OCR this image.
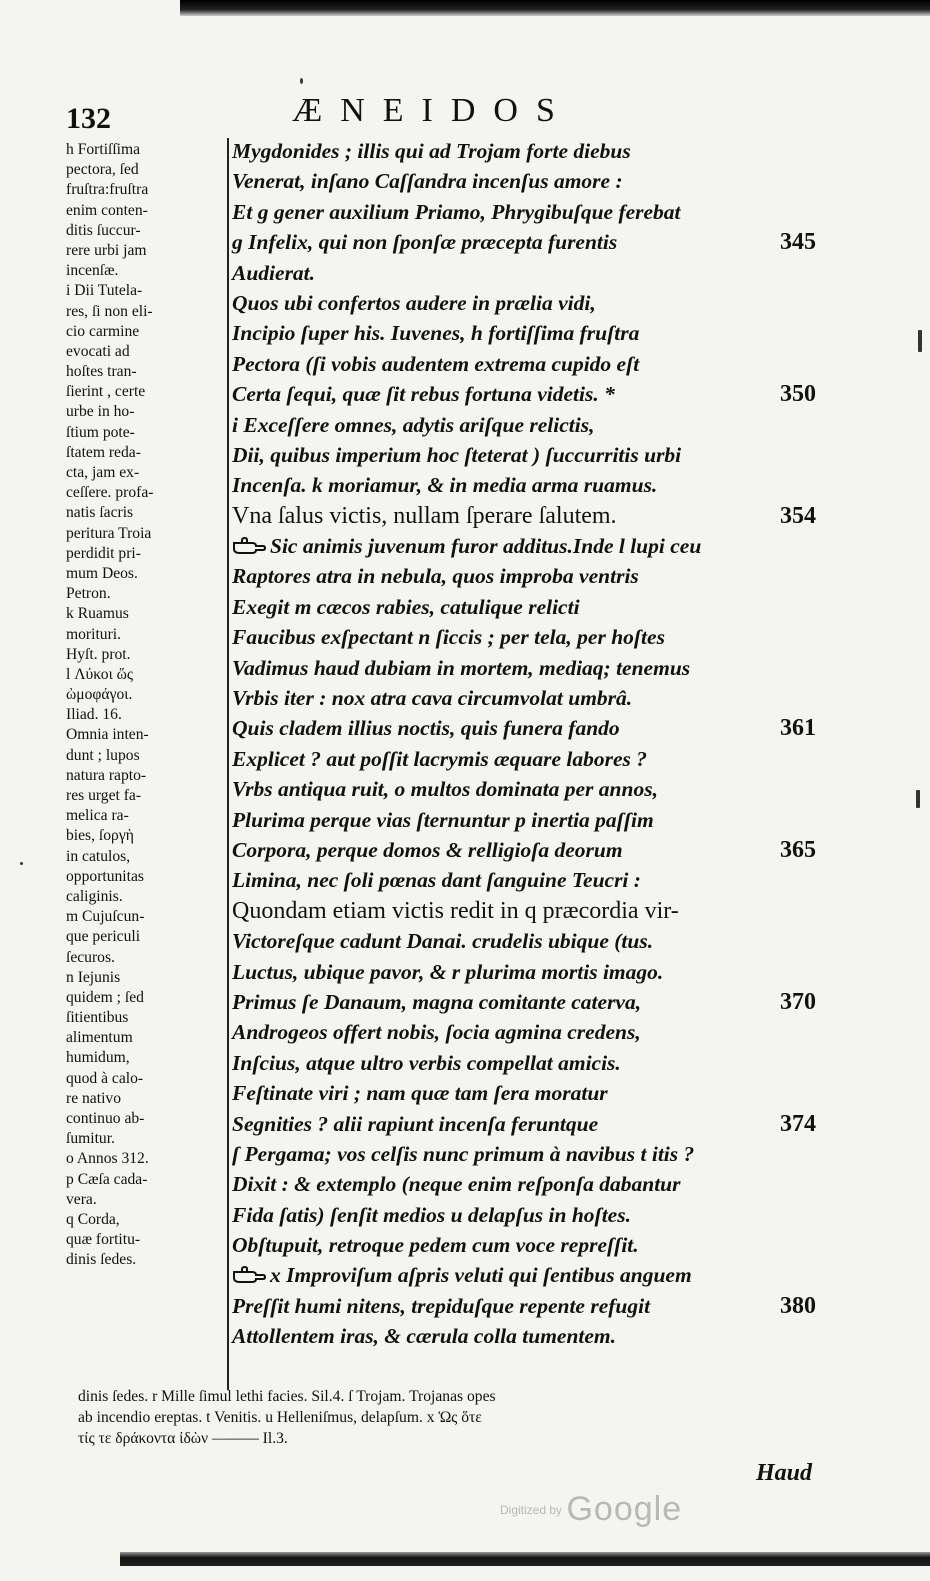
132	ÆNEIDOS
h Fortiſſima
pectora, ſed
fruſtra:fruſtra
enim conten-
ditis ſuccur-
rere urbi jam
incenſæ.
i Dii Tutela-
res, ſi non eli-
cio carmine
evocati ad
hoſtes tran-
ſierint , certe
urbe in ho-
ſtium pote-
ſtatem reda-
cta, jam ex-
ceſſere. profa-
natis ſacris
peritura Troia
perdidit pri-
mum Deos.
Petron.
k Ruamus
morituri.
Hyſt. prot.
l Λύκοι ὥς
ὠμοφάγοι.
Iliad. 16.
Omnia inten-
dunt ; lupos
natura raptо-
res urget fa-
melica ra-
bies, ſοργὴ
in catulos,
opportunitas
caliginis.
m Cujuſcun-
que periculi
ſecuros.
n Iejunis
quidem ; ſed
ſitientibus
alimentum
humidum,
quod à calo-
re nativo
continuo ab-
ſumitur.
o Annos 312.
p Cæſa cada-
vera.
q Corda,
quæ fortitu-
dinis ſedes.
Mygdonides ; illis qui ad Trojam forte diebus
Venerat, inſano Caſſandra incenſus amore :
Et g gener auxilium Priamo, Phrygibuſque ferebat
g Infelix, qui non ſponſæ præcepta furentis	345
Audierat.
Quos ubi confertos audere in prælia vidi,
Incipio ſuper his. Iuvenes, h fortiſſima fruſtra
Pectora (ſi vobis audentem extrema cupido eſt
Certa ſequi, quæ ſit rebus fortuna videtis. *	350
i Exceſſere omnes, adytis ariſque relictis,
Dii, quibus imperium hoc ſteterat ) ſuccurritis urbi
Incenſa. k moriamur, & in media arma ruamus.
Vna ſalus victis, nullam ſperare ſalutem.	354
Sic animis juvenum furor additus.Inde l lupi ceu
Raptores atra in nebula, quos improba ventris
Exegit m cæcos rabies, catulique relicti
Faucibus exſpectant n ſiccis ; per tela, per hoſtes
Vadimus haud dubiam in mortem, mediaq; tenemus
Vrbis iter : nox atra cava circumvolat umbrâ.
Quis cladem illius noctis, quis funera fando	361
Explicet ? aut poſſit lacrymis æquare labores ?
Vrbs antiqua ruit, o multos dominata per annos,
Plurima perque vias ſternuntur p inertia paſſim
Corpora, perque domos & relligioſa deorum	365
Limina, nec ſoli pœnas dant ſanguine Teucri :
Quondam etiam victis redit in q præcordia vir-
Victoreſque cadunt Danai. crudelis ubique (tus.
Luctus, ubique pavor, & r plurima mortis imago.
Primus ſe Danaum, magna comitante caterva,	370
Androgeos offert nobis, ſocia agmina credens,
Inſcius, atque ultro verbis compellat amicis.
Feſtinate viri ; nam quæ tam ſera moratur
Segnities ? alii rapiunt incenſa feruntque	374
ſ Pergama; vos celſis nunc primum à navibus t itis ?
Dixit : & extemplo (neque enim reſponſa dabantur
Fida ſatis) ſenſit medios u delapſus in hoſtes.
Obſtupuit, retroque pedem cum voce repreſſit.
x Improviſum aſpris veluti qui ſentibus anguem
Preſſit humi nitens, trepiduſque repente refugit	380
Attollentem iras, & cærula colla tumentem.
dinis ſedes. r Mille ſimul lethi facies. Sil.4. ſ Trojam. Trojanas opes
ab incendio ereptas. t Venitis. u Helleniſmus, delapſum. x Ὡς ὅτε
τίς τε δράκοντα ἰδὼν ——— Il.3.
Haud
$^{Digitized by}$ Google
